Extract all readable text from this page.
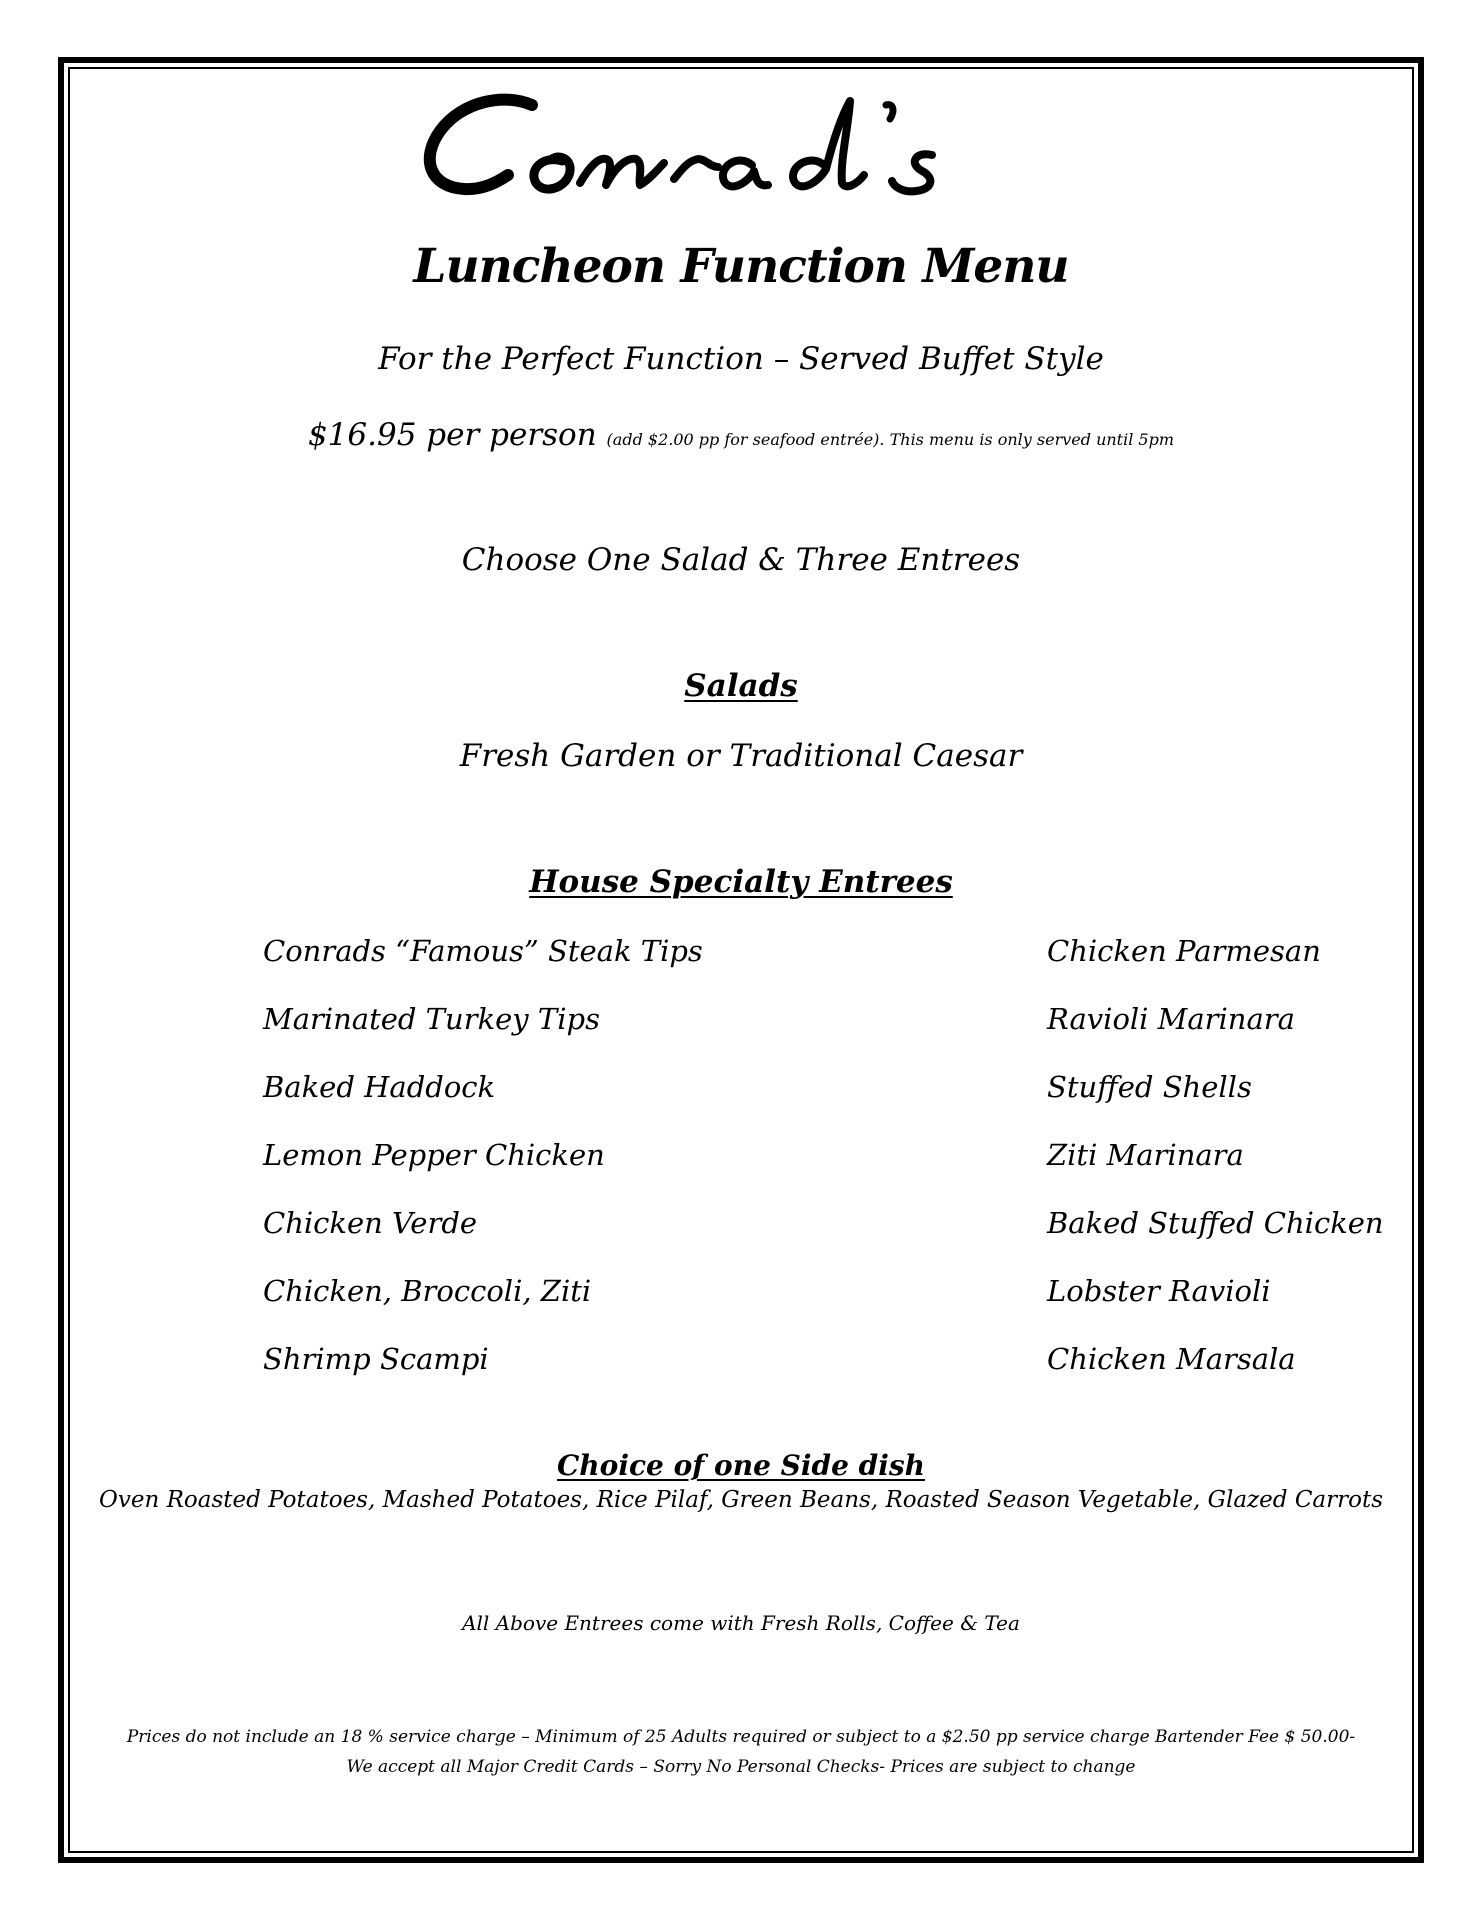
Conrad's
Luncheon Function Menu
For the Perfect Function – Served Buffet Style
$16.95 per person (add $2.00 pp for seafood entrée). This menu is only served until 5pm
Choose One Salad & Three Entrees
Salads
Fresh Garden or Traditional Caesar
House Specialty Entrees
Conrads “Famous” Steak Tips
Marinated Turkey Tips
Baked Haddock
Lemon Pepper Chicken
Chicken Verde
Chicken, Broccoli, Ziti
Shrimp Scampi
Chicken Parmesan
Ravioli Marinara
Stuffed Shells
Ziti Marinara
Baked Stuffed Chicken
Lobster Ravioli
Chicken Marsala
Choice of one Side dish
Oven Roasted Potatoes, Mashed Potatoes, Rice Pilaf, Green Beans, Roasted Season Vegetable, Glazed Carrots
All Above Entrees come with Fresh Rolls, Coffee & Tea
Prices do not include an 18 % service charge – Minimum of 25 Adults required or subject to a $2.50 pp service charge Bartender Fee $ 50.00-
We accept all Major Credit Cards – Sorry No Personal Checks- Prices are subject to change
